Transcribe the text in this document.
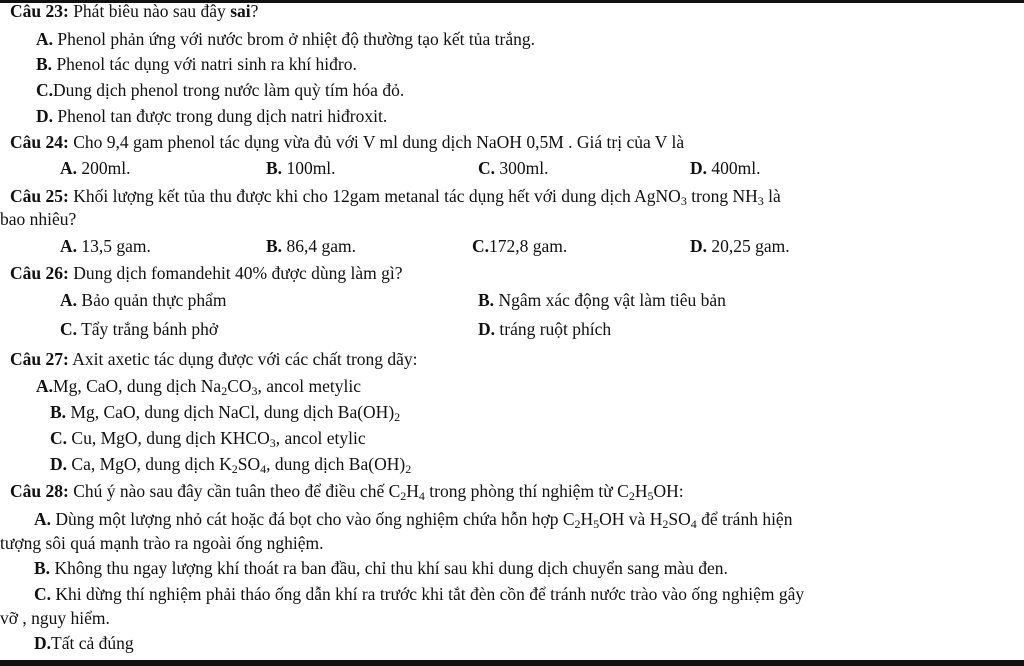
Câu 23: Phát biêu nào sau đây sai?
A. Phenol phản ứng với nước brom ở nhiệt độ thường tạo kết tủa trắng.
B. Phenol tác dụng với natri sinh ra khí hiđro.
C.Dung dịch phenol trong nước làm quỳ tím hóa đỏ.
D. Phenol tan được trong dung dịch natri hiđroxit.
Câu 24: Cho 9,4 gam phenol tác dụng vừa đủ với V ml dung dịch NaOH 0,5M . Giá trị của V là
A. 200ml.	B. 100ml.	C. 300ml.	D. 400ml.
Câu 25: Khối lượng kết tủa thu được khi cho 12gam metanal tác dụng hết với dung dịch AgNO$_3$ trong $NH_3$ là
bao nhiêu?
A. 13,5 gam.	B. 86,4 gam.	C.172,8 gam.	D. 20,25 gam.
Câu 26: Dung dịch fomandehit 40% được dùng làm gì?
A. Bảo quản thực phẩm	B. Ngâm xác động vật làm tiêu bản
C. Tẩy trắng bánh phở	D. tráng ruột phích
Câu 27: Axit axetic tác dụng được với các chất trong dãy:
A.Mg, CaO, dung dịch $Na_2CO_3$, ancol metylic
B. Mg, CaO, dung dịch NaCl, dung dịch $Ba(OH)_2$
C. Cu, MgO, dung dịch $KHCO_3$, ancol etylic
D. Ca, MgO, dung dịch $K_2SO_4$, dung dịch $Ba(OH)_2$
Câu 28: Chú ý nào sau đây cần tuân theo để điều chế $C_2H_4$ trong phòng thí nghiệm từ $C_2H_5OH$:
A. Dùng một lượng nhỏ cát hoặc đá bọt cho vào ống nghiệm chứa hỗn hợp $C_2H_5OH$ và $H_2SO_4$ để tránh hiện
tượng sôi quá mạnh trào ra ngoài ống nghiệm.
B. Không thu ngay lượng khí thoát ra ban đầu, chỉ thu khí sau khi dung dịch chuyển sang màu đen.
C. Khi dừng thí nghiệm phải tháo ống dẫn khí ra trước khi tắt đèn cồn để tránh nước trào vào ống nghiệm gây
vỡ , nguy hiểm.
D.Tất cả đúng
